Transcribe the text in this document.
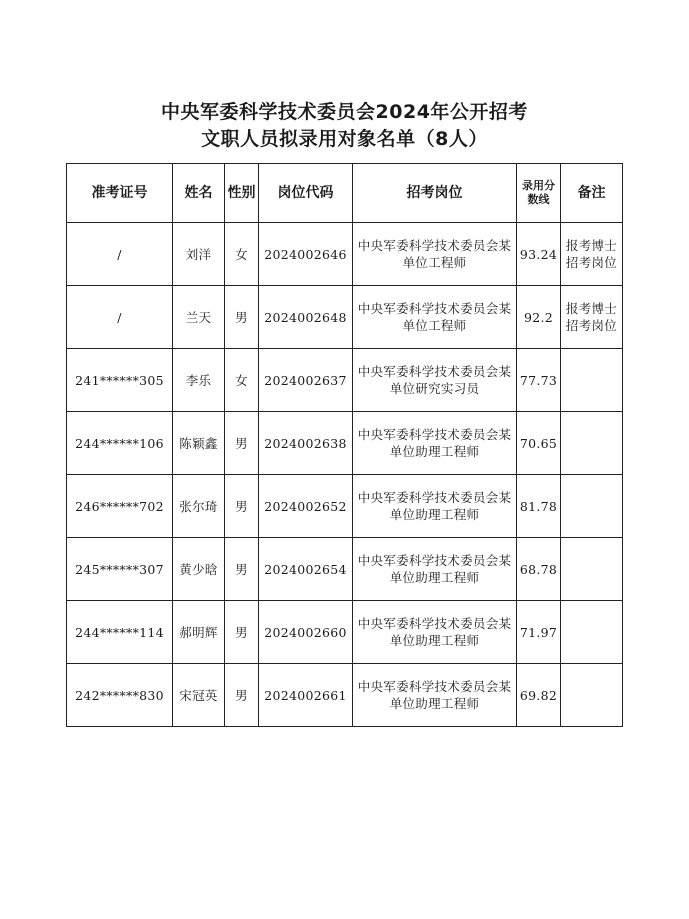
中央军委科学技术委员会2024年公开招考
文职人员拟录用对象名单（8人）
准考证号	姓名	性别	岗位代码	招考岗位	录用分数线	备注
/	刘洋	女	2024002646	中央军委科学技术委员会某单位工程师	93.24	报考博士招考岗位
/	兰天	男	2024002648	中央军委科学技术委员会某单位工程师	92.2	报考博士招考岗位
241******305	李乐	女	2024002637	中央军委科学技术委员会某单位研究实习员	77.73	
244******106	陈颖鑫	男	2024002638	中央军委科学技术委员会某单位助理工程师	70.65	
246******702	张尔琦	男	2024002652	中央军委科学技术委员会某单位助理工程师	81.78	
245******307	黄少晗	男	2024002654	中央军委科学技术委员会某单位助理工程师	68.78	
244******114	郝明辉	男	2024002660	中央军委科学技术委员会某单位助理工程师	71.97	
242******830	宋冠英	男	2024002661	中央军委科学技术委员会某单位助理工程师	69.82	
